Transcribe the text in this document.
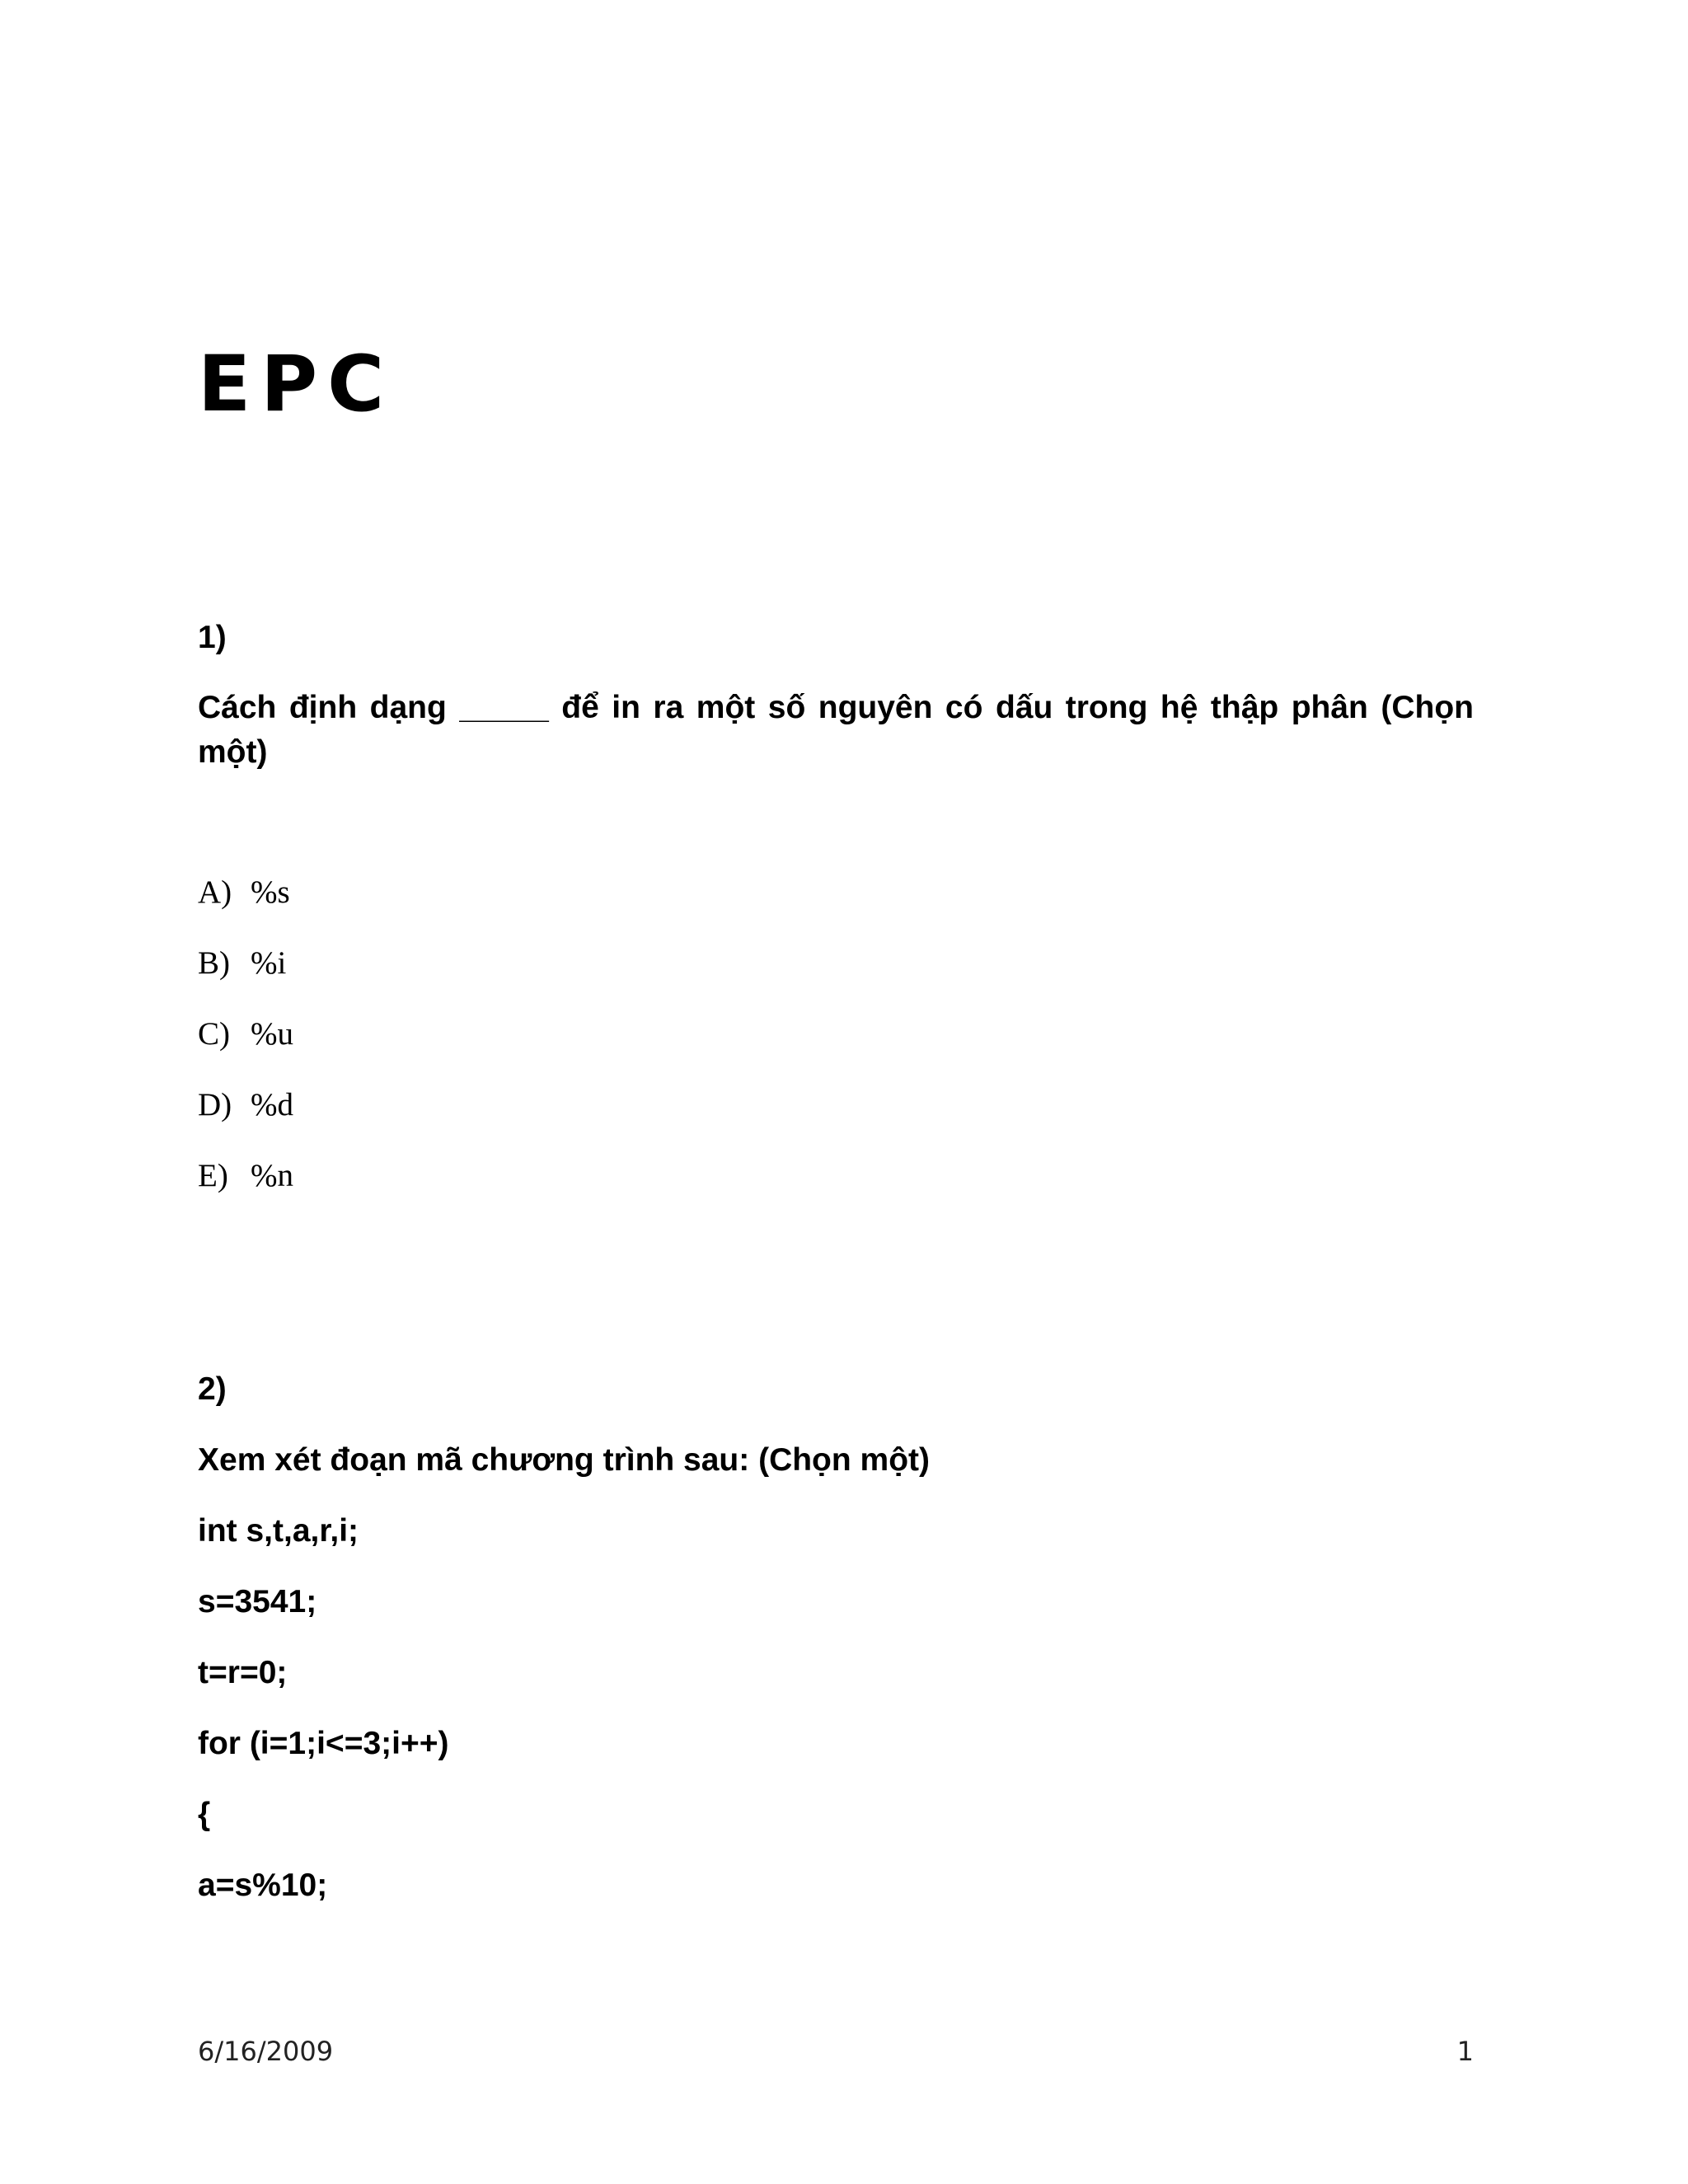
EPC
1)
Cách định dạng _____ để in ra một số nguyên có dấu trong hệ thập phân (Chọn một)
A) %s
B) %i
C) %u
D) %d
E) %n
2)
Xem xét đoạn mã chương trình sau: (Chọn một)
int s,t,a,r,i;
s=3541;
t=r=0;
for (i=1;i<=3;i++)
{
a=s%10;
6/16/2009	1
